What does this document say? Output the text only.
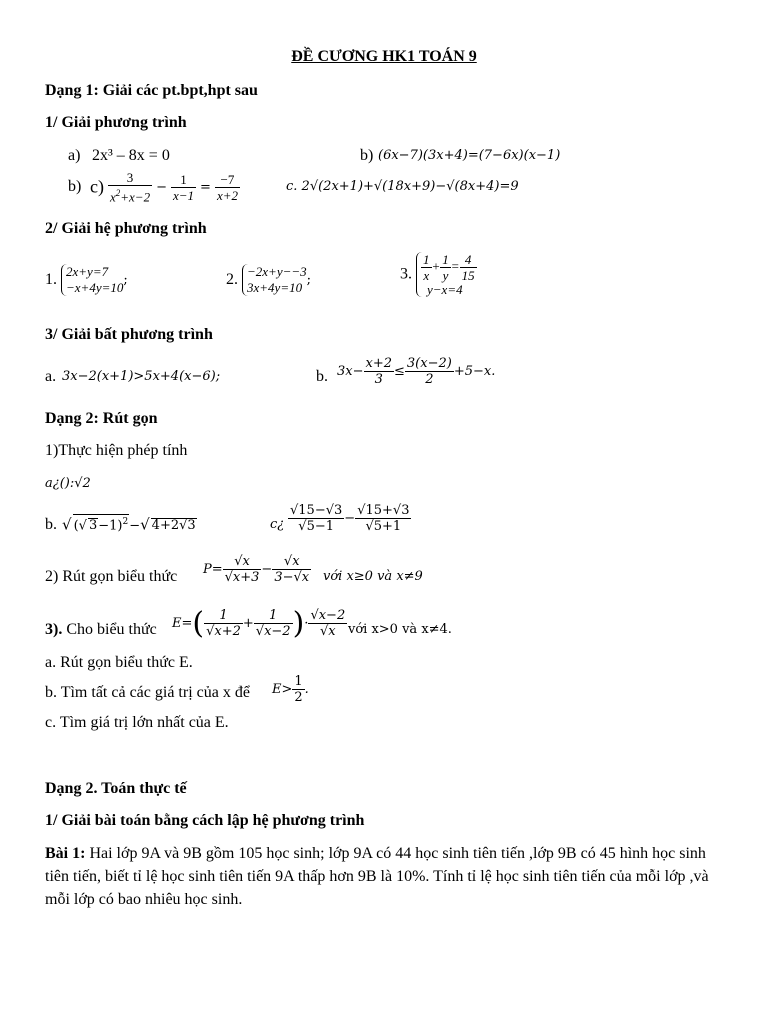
ĐỀ CƯƠNG HK1 TOÁN 9
Dạng 1: Giải các pt.bpt,hpt sau
1/ Giải phương trình
a) 2x³ – 8x = 0	b) (6x−7)(3x+4)=(7−6x)(x−1)
b) $c) \frac{3}{x^2+x-2} - \frac{1}{x-1} = \frac{-7}{x+2}$	c. 2√(2x+1)+√(18x+9)−√(8x+4)=9
2/ Giải hệ phương trình
1. 2x+y=7
−x+4y=10 ;	2. −2x+y−−3
3x+4y=10 ;	3. $\frac{1}{x} + \frac{1}{y} = \frac{4}{15}$
y−x=4
3/ Giải bất phương trình
a. 3x−2(x+1)>5x+4(x−6);	b. $3x- \frac{x+2}{3} \le \frac{3(x-2)}{2} +5-x$.
Dạng 2: Rút gọn
1)Thực hiện phép tính
a¿():√2
b. √ (√ 3−1)$^2$−√ 4+2√3	c¿ $\frac{√15-√3}{√5-1} - \frac{√15+√3}{√5+1}$
2) Rút gọn biểu thức $P= \frac{√x}{√x+3} - \frac{√x}{3-√x}$ với x≥0 và x≠9
3). Cho biểu thức $E=( \frac{1}{√x+2} + \frac{1}{√x-2}$ )· $\frac{√x-2}{√x}$ với x>0 và x≠4.
a. Rút gọn biểu thức E.
b. Tìm tất cả các giá trị của x để $E> \frac{1}{2}$ .
c. Tìm giá trị lớn nhất của E.
Dạng 2. Toán thực tế
1/ Giải bài toán bằng cách lập hệ phương trình
Bài 1: Hai lớp 9A và 9B gồm 105 học sinh; lớp 9A có 44 học sinh tiên tiến ,lớp 9B có 45 hình học sinh tiên tiến, biết tỉ lệ học sinh tiên tiến 9A thấp hơn 9B là 10%. Tính tỉ lệ học sinh tiên tiến của mỗi lớp ,và mỗi lớp có bao nhiêu học sinh.
